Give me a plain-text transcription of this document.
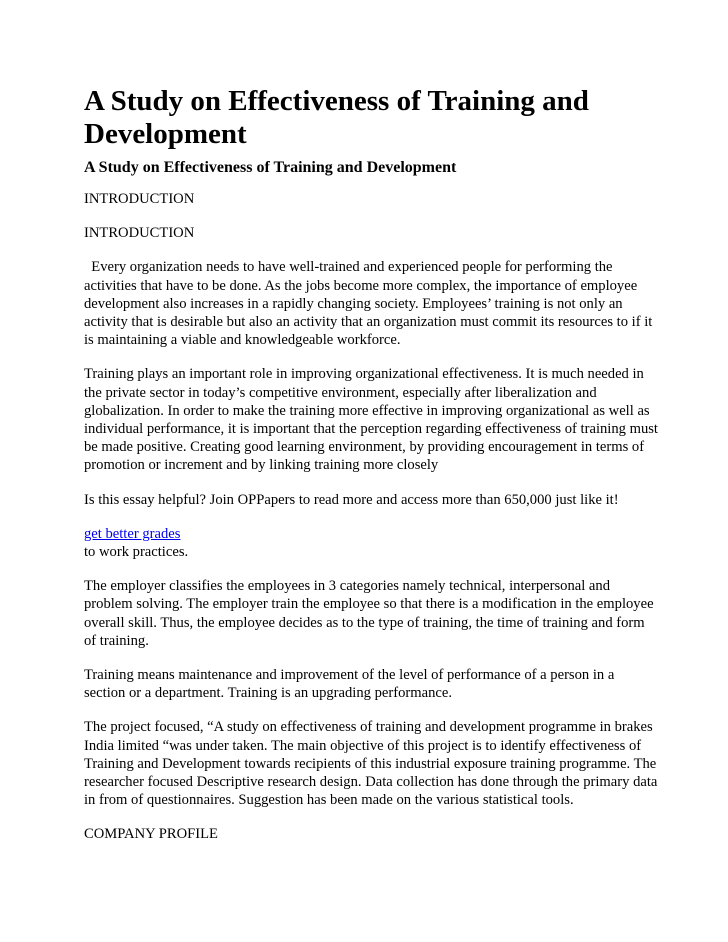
A Study on Effectiveness of Training and Development
A Study on Effectiveness of Training and Development

INTRODUCTION

INTRODUCTION

Every organization needs to have well-trained and experienced people for performing the activities that have to be done. As the jobs become more complex, the importance of employee development also increases in a rapidly changing society. Employees’ training is not only an activity that is desirable but also an activity that an organization must commit its resources to if it is maintaining a viable and knowledgeable workforce.

Training plays an important role in improving organizational effectiveness. It is much needed in the private sector in today’s competitive environment, especially after liberalization and globalization. In order to make the training more effective in improving organizational as well as individual performance, it is important that the perception regarding effectiveness of training must be made positive. Creating good learning environment, by providing encouragement in terms of promotion or increment and by linking training more closely

Is this essay helpful? Join OPPapers to read more and access more than 650,000 just like it!

get better grades

to work practices.

The employer classifies the employees in 3 categories namely technical, interpersonal and problem solving. The employer train the employee so that there is a modification in the employee overall skill. Thus, the employee decides as to the type of training, the time of training and form of training.

Training means maintenance and improvement of the level of performance of a person in a section or a department. Training is an upgrading performance.

The project focused, “A study on effectiveness of training and development programme in brakes India limited “was under taken. The main objective of this project is to identify effectiveness of Training and Development towards recipients of this industrial exposure training programme. The researcher focused Descriptive research design. Data collection has done through the primary data in from of questionnaires. Suggestion has been made on the various statistical tools.

COMPANY PROFILE
